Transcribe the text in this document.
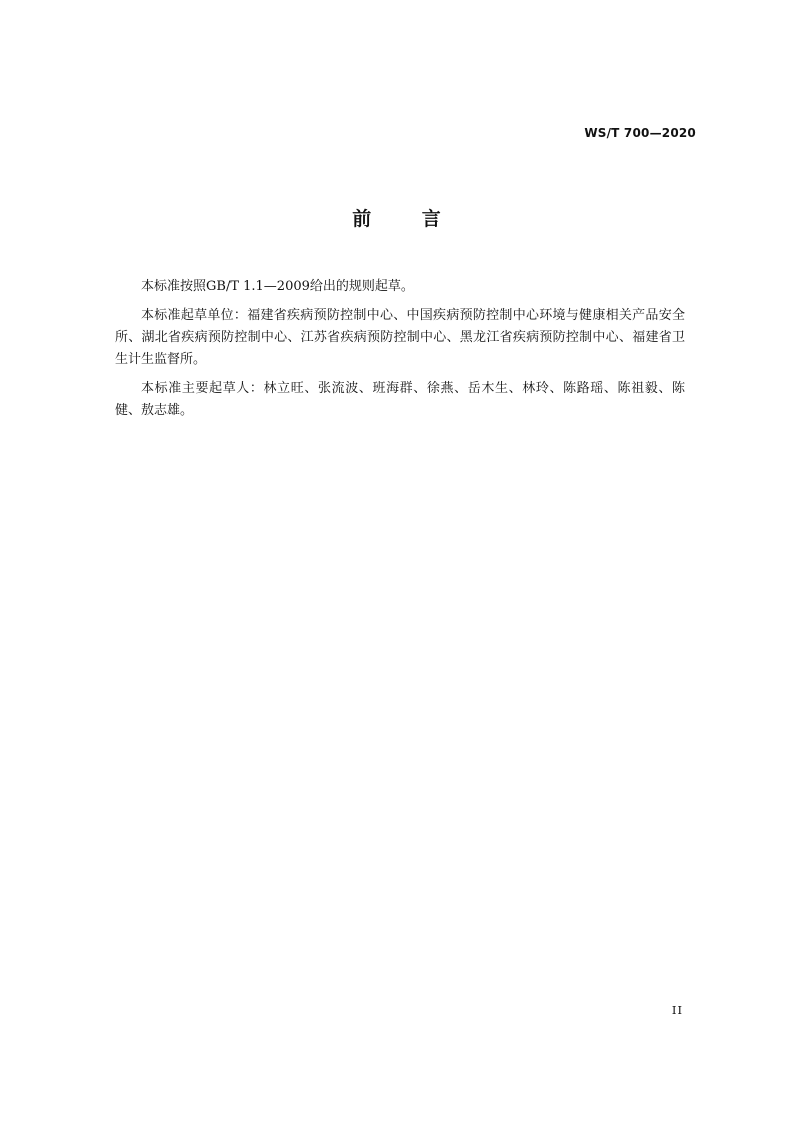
WS/T 700—2020
前 言

本标准按照GB/T 1.1—2009给出的规则起草。

本标准起草单位：福建省疾病预防控制中心、中国疾病预防控制中心环境与健康相关产品安全所、湖北省疾病预防控制中心、江苏省疾病预防控制中心、黑龙江省疾病预防控制中心、福建省卫生计生监督所。

本标准主要起草人：林立旺、张流波、班海群、徐燕、岳木生、林玲、陈路瑶、陈祖毅、陈健、敖志雄。

II
